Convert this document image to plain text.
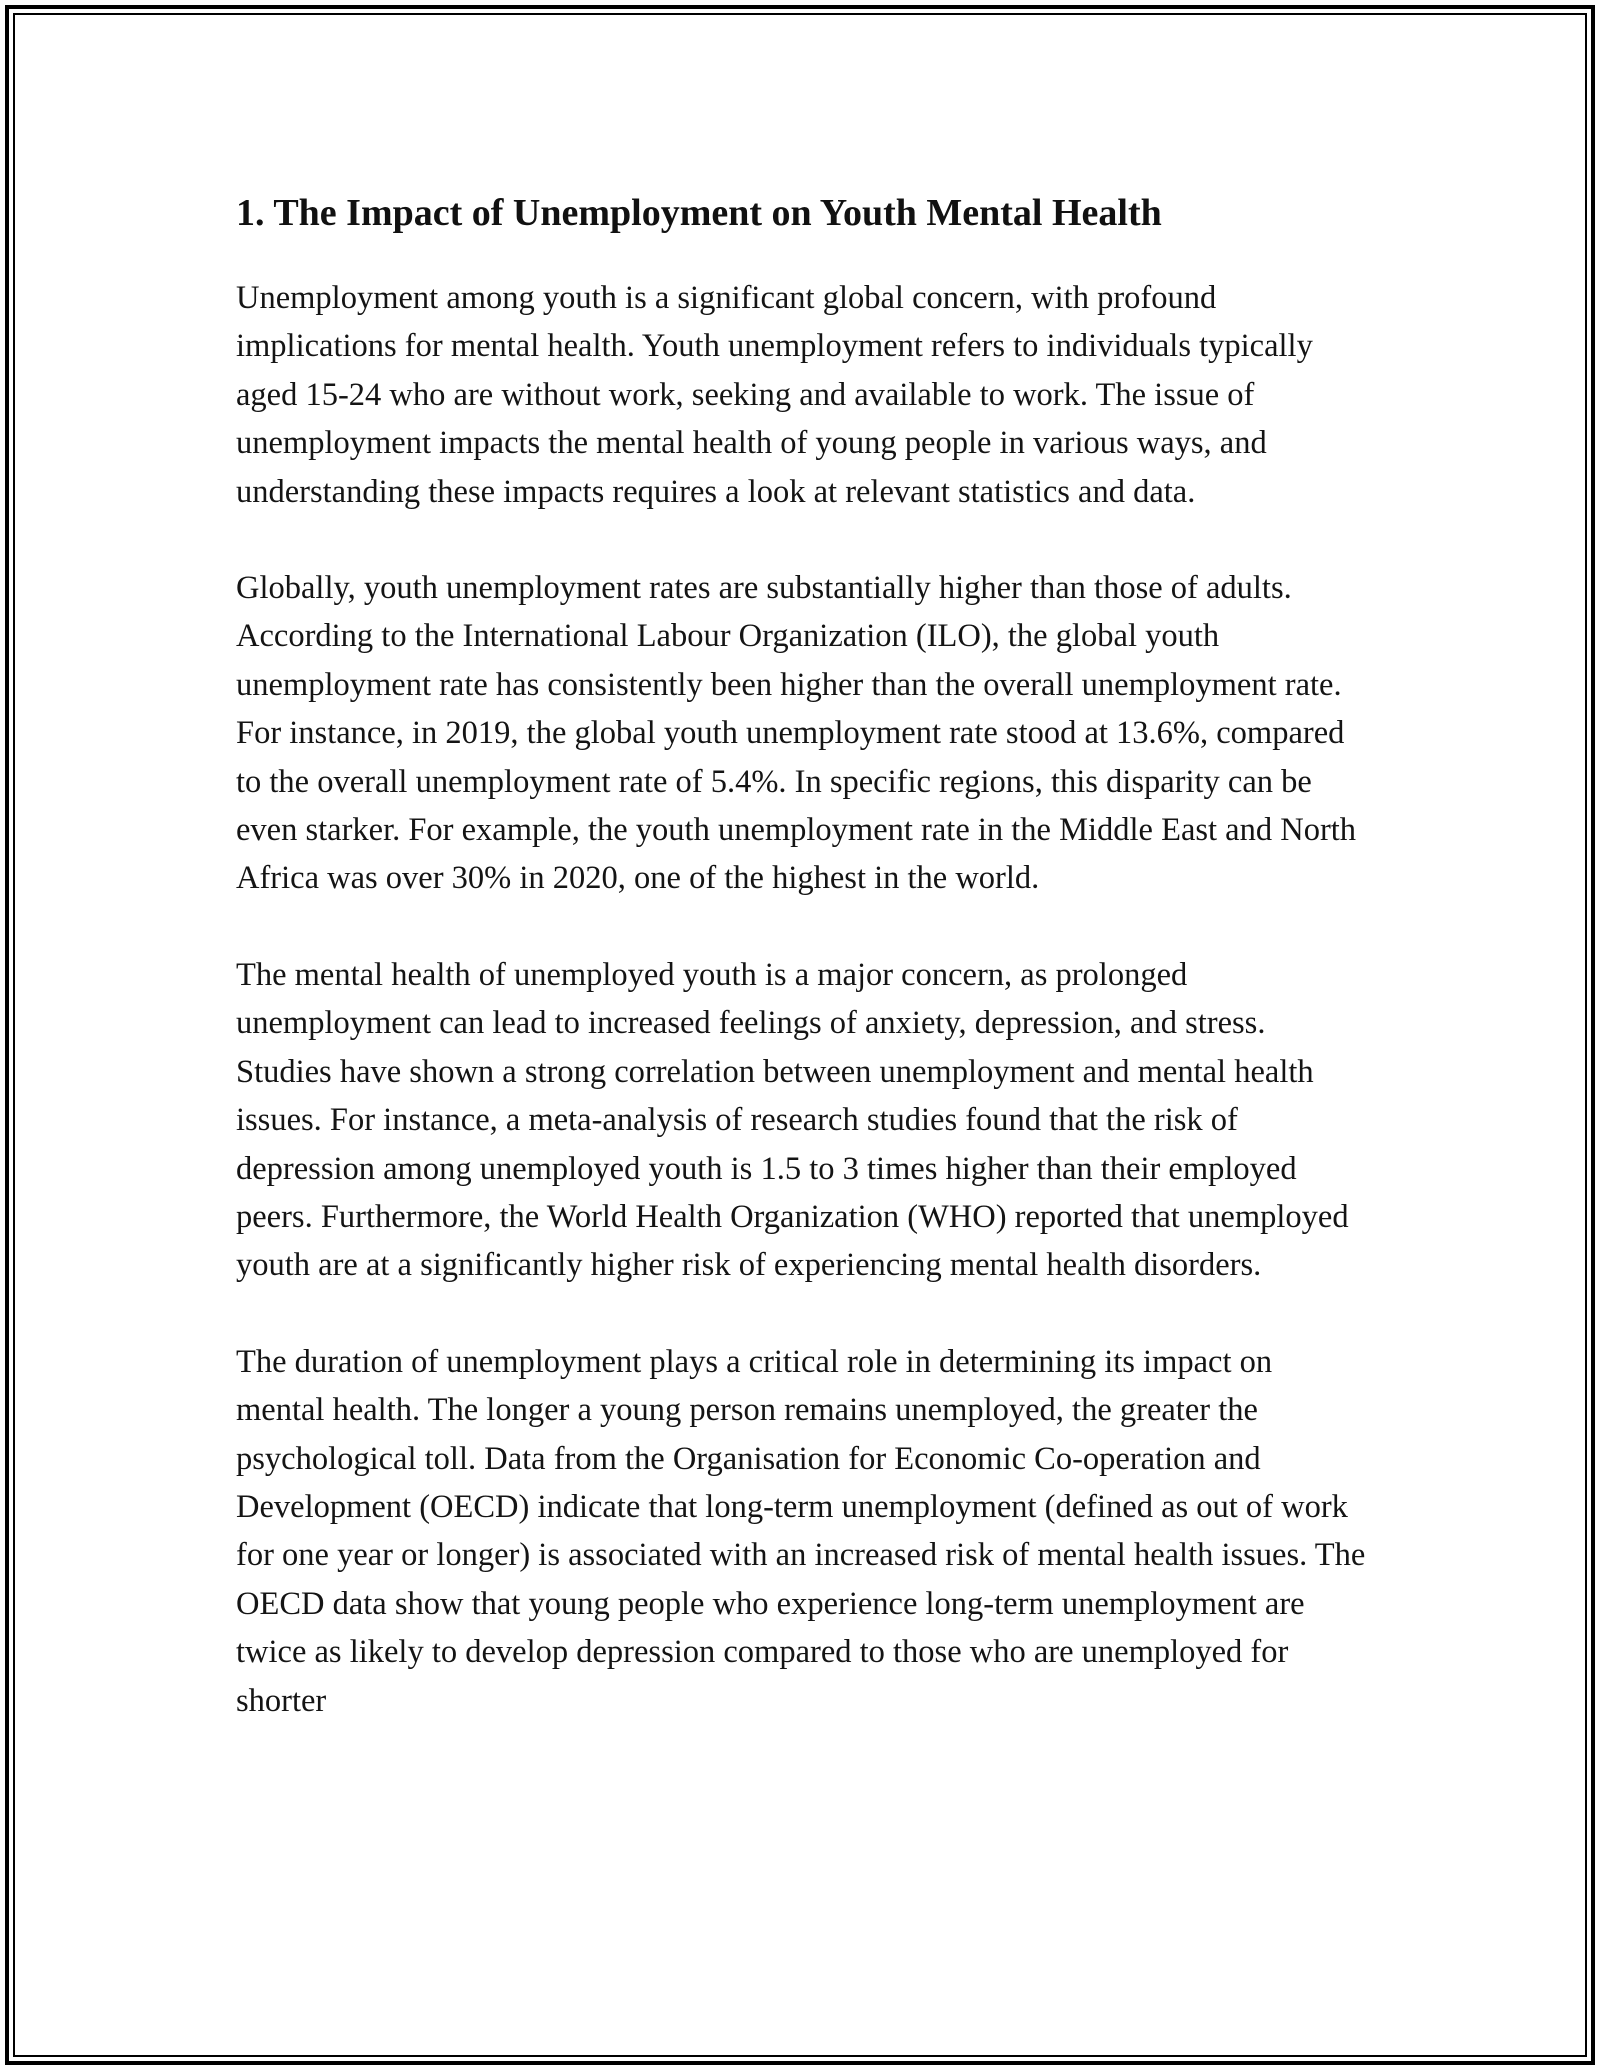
1. The Impact of Unemployment on Youth Mental Health

Unemployment among youth is a significant global concern, with profound implications for mental health. Youth unemployment refers to individuals typically aged 15-24 who are without work, seeking and available to work. The issue of unemployment impacts the mental health of young people in various ways, and understanding these impacts requires a look at relevant statistics and data.

Globally, youth unemployment rates are substantially higher than those of adults. According to the International Labour Organization (ILO), the global youth unemployment rate has consistently been higher than the overall unemployment rate. For instance, in 2019, the global youth unemployment rate stood at 13.6%, compared to the overall unemployment rate of 5.4%. In specific regions, this disparity can be even starker. For example, the youth unemployment rate in the Middle East and North Africa was over 30% in 2020, one of the highest in the world.

The mental health of unemployed youth is a major concern, as prolonged unemployment can lead to increased feelings of anxiety, depression, and stress. Studies have shown a strong correlation between unemployment and mental health issues. For instance, a meta-analysis of research studies found that the risk of depression among unemployed youth is 1.5 to 3 times higher than their employed peers. Furthermore, the World Health Organization (WHO) reported that unemployed youth are at a significantly higher risk of experiencing mental health disorders.

The duration of unemployment plays a critical role in determining its impact on mental health. The longer a young person remains unemployed, the greater the psychological toll. Data from the Organisation for Economic Co-operation and Development (OECD) indicate that long-term unemployment (defined as out of work for one year or longer) is associated with an increased risk of mental health issues. The OECD data show that young people who experience long-term unemployment are twice as likely to develop depression compared to those who are unemployed for shorter
